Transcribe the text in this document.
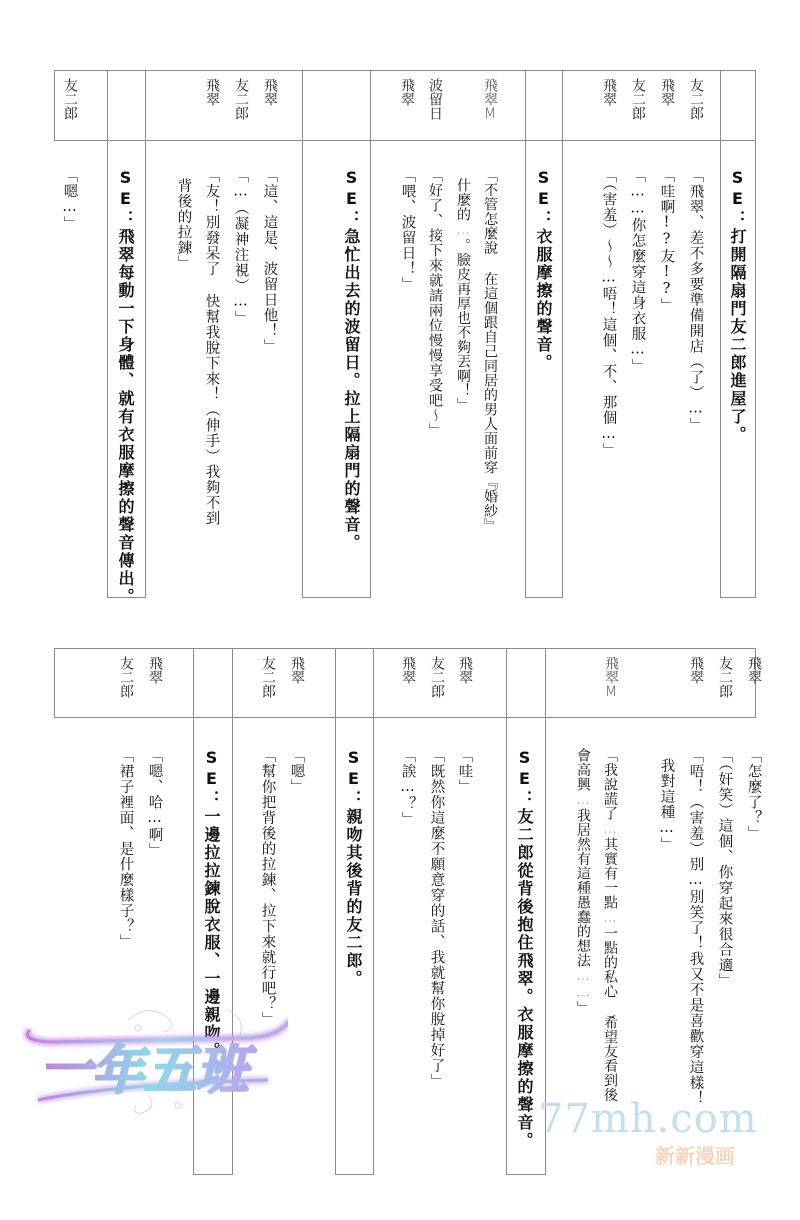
SE：打開隔扇門友二郎進屋了。
友二郎
飛翠
友二郎
飛翠
「飛翠、差不多要準備開店（了）…」
「哇啊!?友!?」
「……你怎麼穿這身衣服…」
「（害羞）～～…唔！這個、不、那個…」
SE：衣服摩擦的聲音。
飛翠M
波留日
飛翠
「不管怎麼說 在這個跟自己同居的男人面前穿『婚紗』
什麼的…。臉皮再厚也不夠丟啊！」
「好了、接下來就請兩位慢慢享受吧～」
「喂、波留日！」
SE：急忙出去的波留日。拉上隔扇門的聲音。
飛翠
友二郎
飛翠
「這、這是、波留日他！」
「…（凝神注視）…」
「友！別發呆了 快幫我脫下來！（伸手）我夠不到
背後的拉鍊」
SE：飛翠每動一下身體、就有衣服摩擦的聲音傳出。
友二郎
「嗯…」
飛翠
友二郎
飛翠
飛翠M
「怎麼了？」
「（奸笑）這個、你穿起來很合適」
「唔！（害羞）別…別笑了！我又不是喜歡穿這樣！
我對這種…」
「我說謊了…其實有一點…一點的私心 希望友看到後
會高興…我居然有這種愚蠢的想法……」
SE：友二郎從背後抱住飛翠。衣服摩擦的聲音。
飛翠
友二郎
飛翠
「哇」
「既然你這麼不願意穿的話、我就幫你脫掉好了」
「誒…？」
SE：親吻其後背的友二郎。
飛翠
友二郎
「嗯」
「幫你把背後的拉鍊、拉下來就行吧？」
SE：一邊拉拉鍊脫衣服、一邊親吻。
飛翠
友二郎
「嗯、哈…啊」
「裙子裡面、是什麼樣子？」
一年五班
77mh.com
新新漫画
